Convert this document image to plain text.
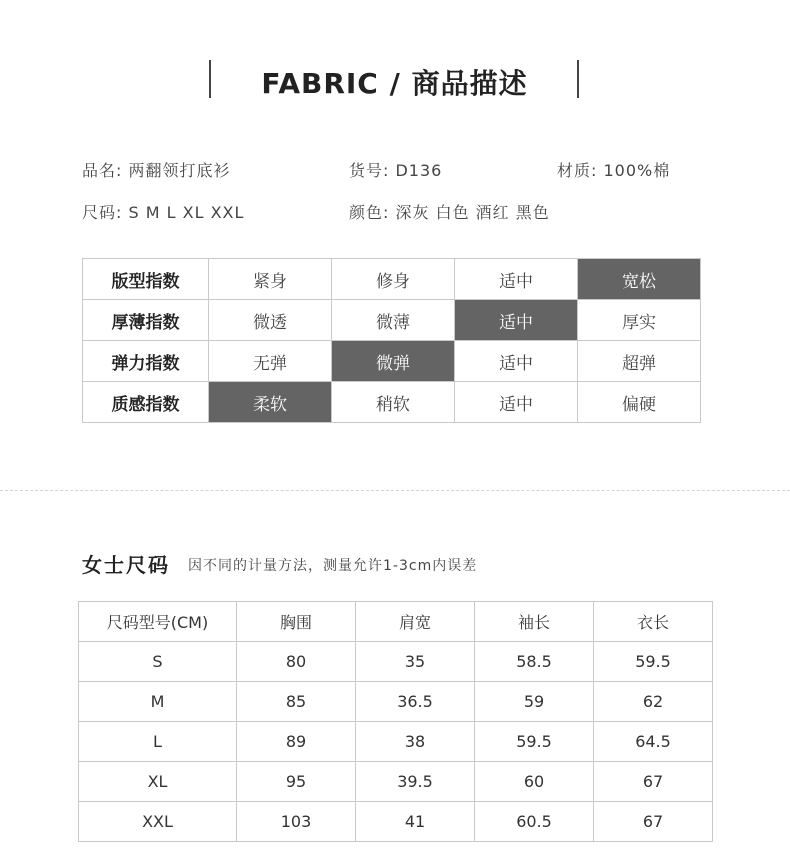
FABRIC / 商品描述
品名: 两翻领打底衫	货号: D136	材质: 100%棉
尺码: S M L XL XXL	颜色: 深灰 白色 酒红 黑色
版型指数	紧身	修身	适中	宽松
厚薄指数	微透	微薄	适中	厚实
弹力指数	无弹	微弹	适中	超弹
质感指数	柔软	稍软	适中	偏硬
女士尺码 因不同的计量方法，测量允许1-3cm内误差
尺码型号(CM)	胸围	肩宽	袖长	衣长
S	80	35	58.5	59.5
M	85	36.5	59	62
L	89	38	59.5	64.5
XL	95	39.5	60	67
XXL	103	41	60.5	67
